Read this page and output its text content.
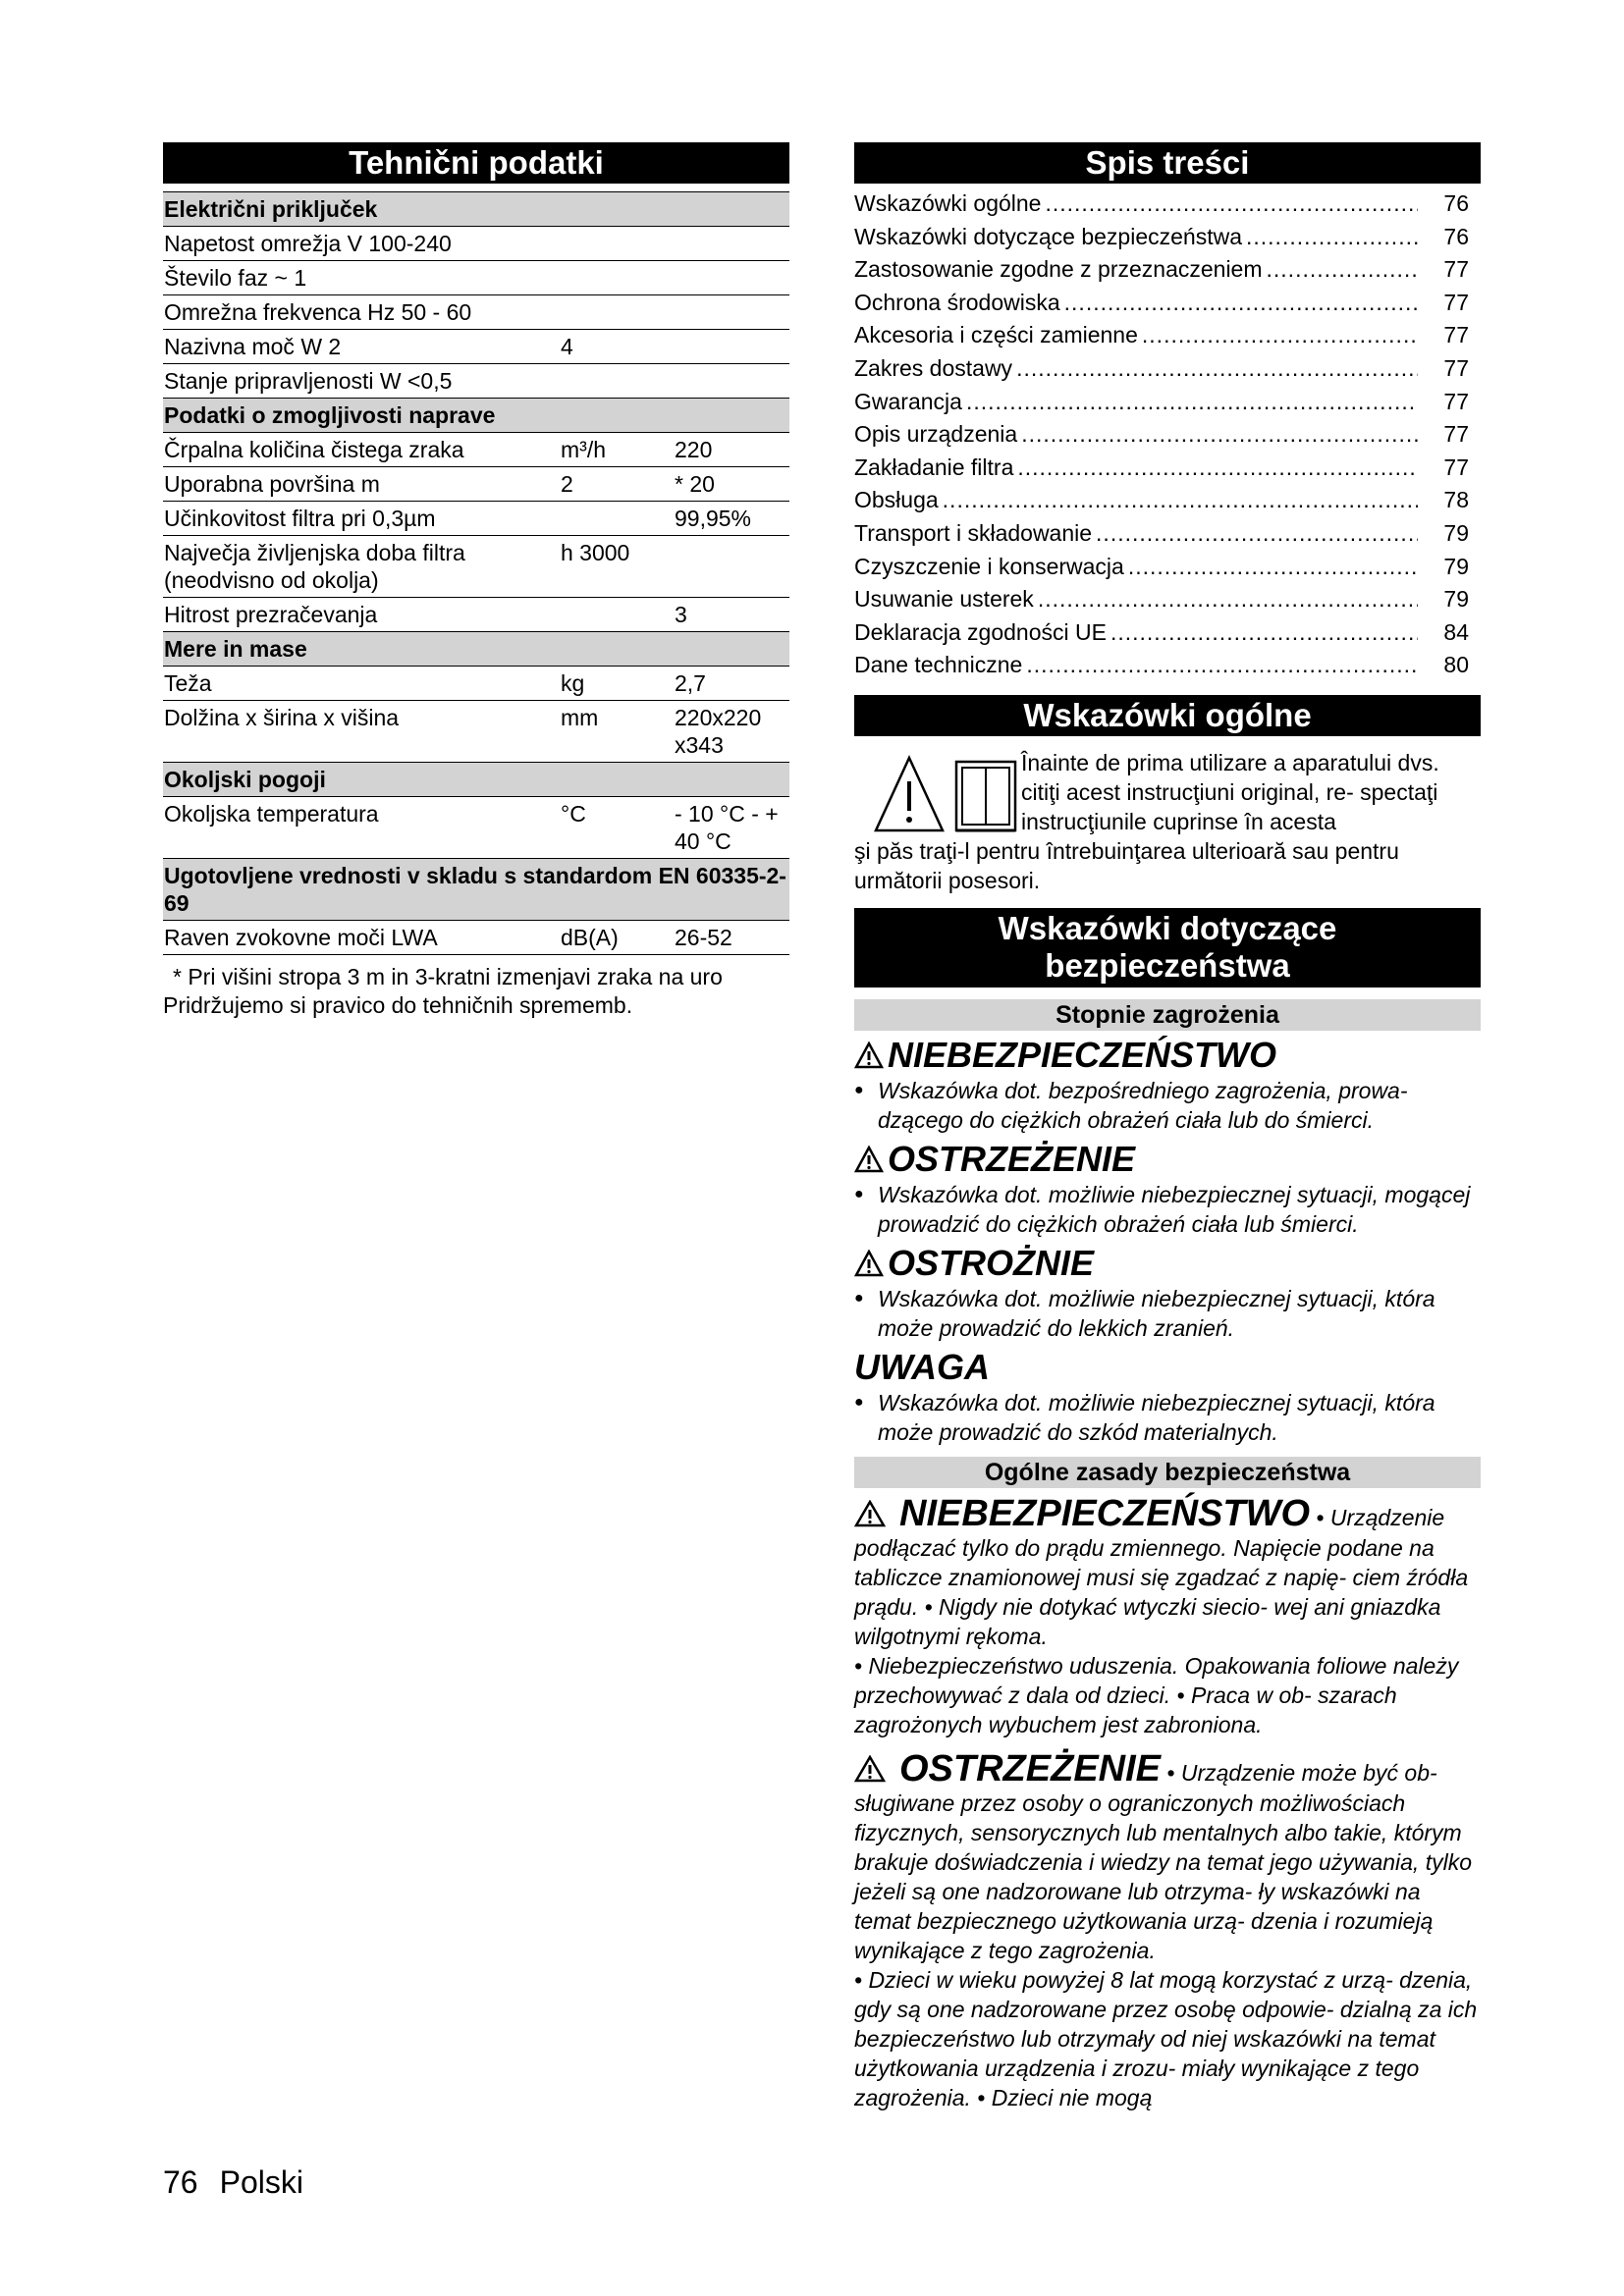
Tehnični podatki
Električni priključek		
Napetost omrežja V 100-240		
Število faz ~ 1		
Omrežna frekvenca Hz 50 - 60		
Nazivna moč W 2	4	
Stanje pripravljenosti W <0,5		
Podatki o zmogljivosti naprave		
Črpalna količina čistega zraka	m³/h	220
Uporabna površina m	2	* 20
Učinkovitost filtra pri 0,3µm		99,95%
Največja življenjska doba filtra (neodvisno od okolja)	h 3000	
Hitrost prezračevanja		3
Mere in mase		
Teža	kg	2,7
Dolžina x širina x višina	mm	220x220 x343
Okoljski pogoji		
Okoljska temperatura	°C	- 10 °C - + 40 °C
Ugotovljene vrednosti v skladu s standardom EN 60335-2-69		
Raven zvokovne moči LWA	dB(A)	26-52

* Pri višini stropa 3 m in 3-kratni izmenjavi zraka na uro

Pridržujemo si pravico do tehničnih sprememb.

Spis treści
Wskazówki ogólne .....	76
Wskazówki dotyczące bezpieczeństwa .....	76
Zastosowanie zgodne z przeznaczeniem .....	77
Ochrona środowiska .....	77
Akcesoria i części zamienne .....	77
Zakres dostawy .....	77
Gwarancja .....	77
Opis urządzenia .....	77
Zakładanie filtra .....	77
Obsługa .....	78
Transport i składowanie .....	79
Czyszczenie i konserwacja .....	79
Usuwanie usterek .....	79
Deklaracja zgodności UE .....	84
Dane techniczne .....	80
Wskazówki ogólne

Înainte de prima utilizare a aparatului dvs. citiţi acest instrucţiuni original, re- spectaţi instrucţiunile cuprinse în acesta

şi păs traţi-l pentru întrebuinţarea ulterioară sau pentru următorii posesori.

Wskazówki dotyczące
bezpieczeństwa
Stopnie zagrożenia
NIEBEZPIECZEŃSTWO

● Wskazówka dot. bezpośredniego zagrożenia, prowa- dzącego do ciężkich obrażeń ciała lub do śmierci.

OSTRZEŻENIE

● Wskazówka dot. możliwie niebezpiecznej sytuacji, mogącej prowadzić do ciężkich obrażeń ciała lub śmierci.

OSTROŻNIE

● Wskazówka dot. możliwie niebezpiecznej sytuacji, która może prowadzić do lekkich zranień.

UWAGA

● Wskazówka dot. możliwie niebezpiecznej sytuacji, która może prowadzić do szkód materialnych.

Ogólne zasady bezpieczeństwa

NIEBEZPIECZEŃSTWO • Urządzenie podłączać tylko do prądu zmiennego. Napięcie podane na tabliczce znamionowej musi się zgadzać z napię- ciem źródła prądu. • Nigdy nie dotykać wtyczki siecio- wej ani gniazdka wilgotnymi rękoma.

• Niebezpieczeństwo uduszenia. Opakowania foliowe należy przechowywać z dala od dzieci. • Praca w ob- szarach zagrożonych wybuchem jest zabroniona.

OSTRZEŻENIE • Urządzenie może być ob- sługiwane przez osoby o ograniczonych możliwościach fizycznych, sensorycznych lub mentalnych albo takie, którym brakuje doświadczenia i wiedzy na temat jego używania, tylko jeżeli są one nadzorowane lub otrzyma- ły wskazówki na temat bezpiecznego użytkowania urzą- dzenia i rozumieją wynikające z tego zagrożenia.

• Dzieci w wieku powyżej 8 lat mogą korzystać z urzą- dzenia, gdy są one nadzorowane przez osobę odpowie- dzialną za ich bezpieczeństwo lub otrzymały od niej wskazówki na temat użytkowania urządzenia i zrozu- miały wynikające z tego zagrożenia. • Dzieci nie mogą

76 Polski
